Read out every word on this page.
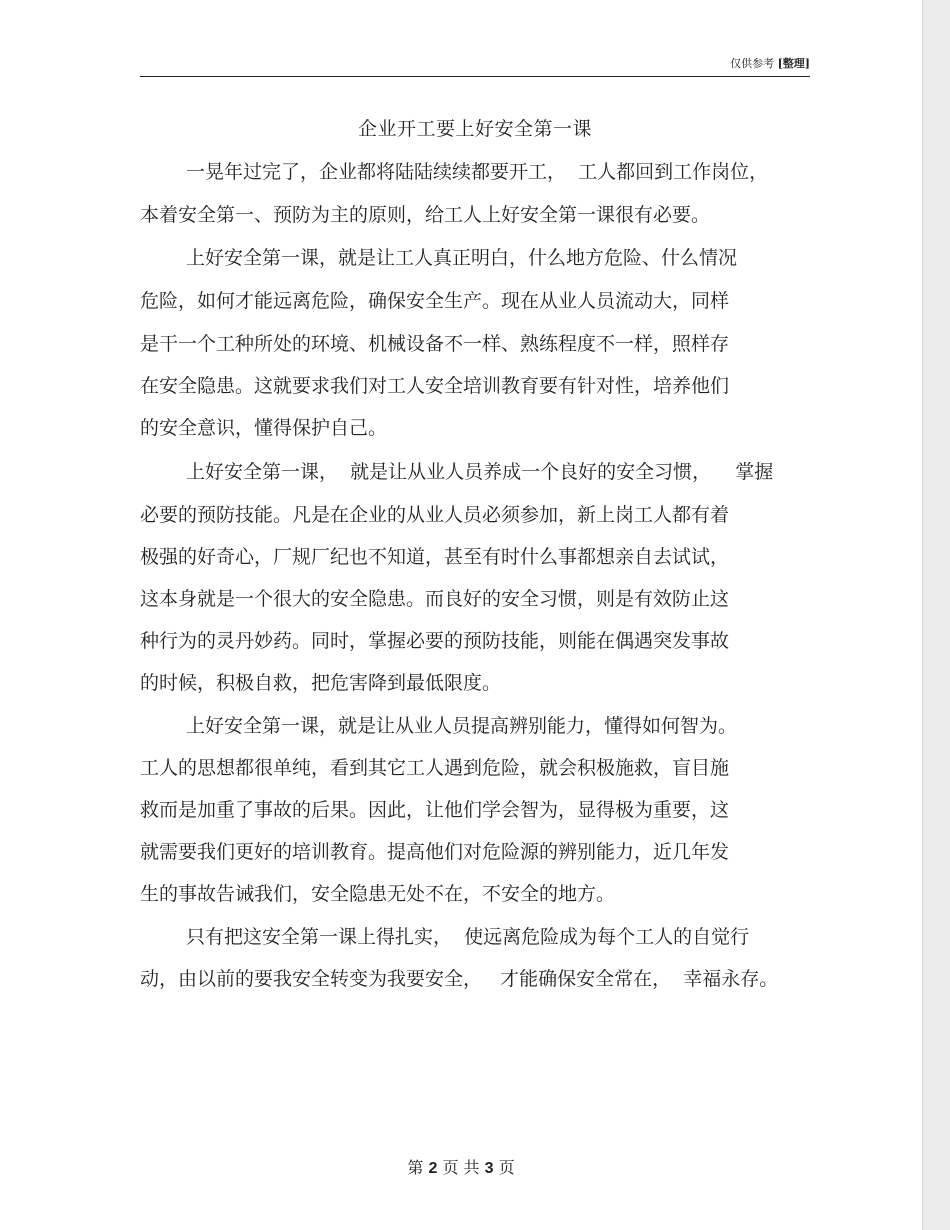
仅供参考 [整理]
企业开工要上好安全第一课
一晃年过完了，企业都将陆陆续续都要开工，  工人都回到工作岗位，
本着安全第一、预防为主的原则，给工人上好安全第一课很有必要。
上好安全第一课，就是让工人真正明白，什么地方危险、什么情况
危险，如何才能远离危险，确保安全生产。现在从业人员流动大，同样
是干一个工种所处的环境、机械设备不一样、熟练程度不一样，照样存
在安全隐患。这就要求我们对工人安全培训教育要有针对性，培养他们
的安全意识，懂得保护自己。
上好安全第一课，  就是让从业人员养成一个良好的安全习惯，    掌握
必要的预防技能。凡是在企业的从业人员必须参加，新上岗工人都有着
极强的好奇心，厂规厂纪也不知道，甚至有时什么事都想亲自去试试，
这本身就是一个很大的安全隐患。而良好的安全习惯，则是有效防止这
种行为的灵丹妙药。同时，掌握必要的预防技能，则能在偶遇突发事故
的时候，积极自救，把危害降到最低限度。
上好安全第一课，就是让从业人员提高辨别能力，懂得如何智为。
工人的思想都很单纯，看到其它工人遇到危险，就会积极施救，盲目施
救而是加重了事故的后果。因此，让他们学会智为，显得极为重要，这
就需要我们更好的培训教育。提高他们对危险源的辨别能力，近几年发
生的事故告诫我们，安全隐患无处不在，不安全的地方。
只有把这安全第一课上得扎实，  使远离危险成为每个工人的自觉行
动，由以前的要我安全转变为我要安全，   才能确保安全常在，  幸福永存。
第 2 页 共 3 页
